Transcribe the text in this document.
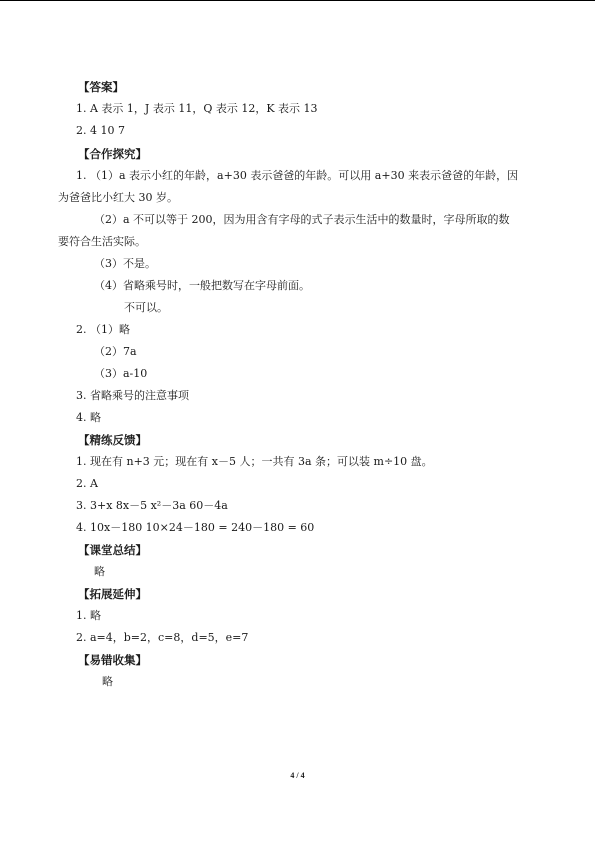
【答案】
1. A 表示 1，J 表示 11，Q 表示 12，K 表示 13
2. 4 10 7
【合作探究】
1. （1）a 表示小红的年龄，a+30 表示爸爸的年龄。可以用 a+30 来表示爸爸的年龄，因
为爸爸比小红大 30 岁。
（2）a 不可以等于 200，因为用含有字母的式子表示生活中的数量时，字母所取的数
要符合生活实际。
（3）不是。
（4）省略乘号时，一般把数写在字母前面。
不可以。
2. （1）略
（2）7a
（3）a-10
3. 省略乘号的注意事项
4. 略
【精练反馈】
1. 现在有 n+3 元；现在有 x－5 人；一共有 3a 条；可以装 m÷10 盘。
2. A
3. 3+x 8x－5 x²－3a 60－4a
4. 10x－180 10×24－180 = 240－180 = 60
【课堂总结】
略
【拓展延伸】
1. 略
2. a=4，b=2，c=8，d=5，e=7
【易错收集】
略
4 / 4
